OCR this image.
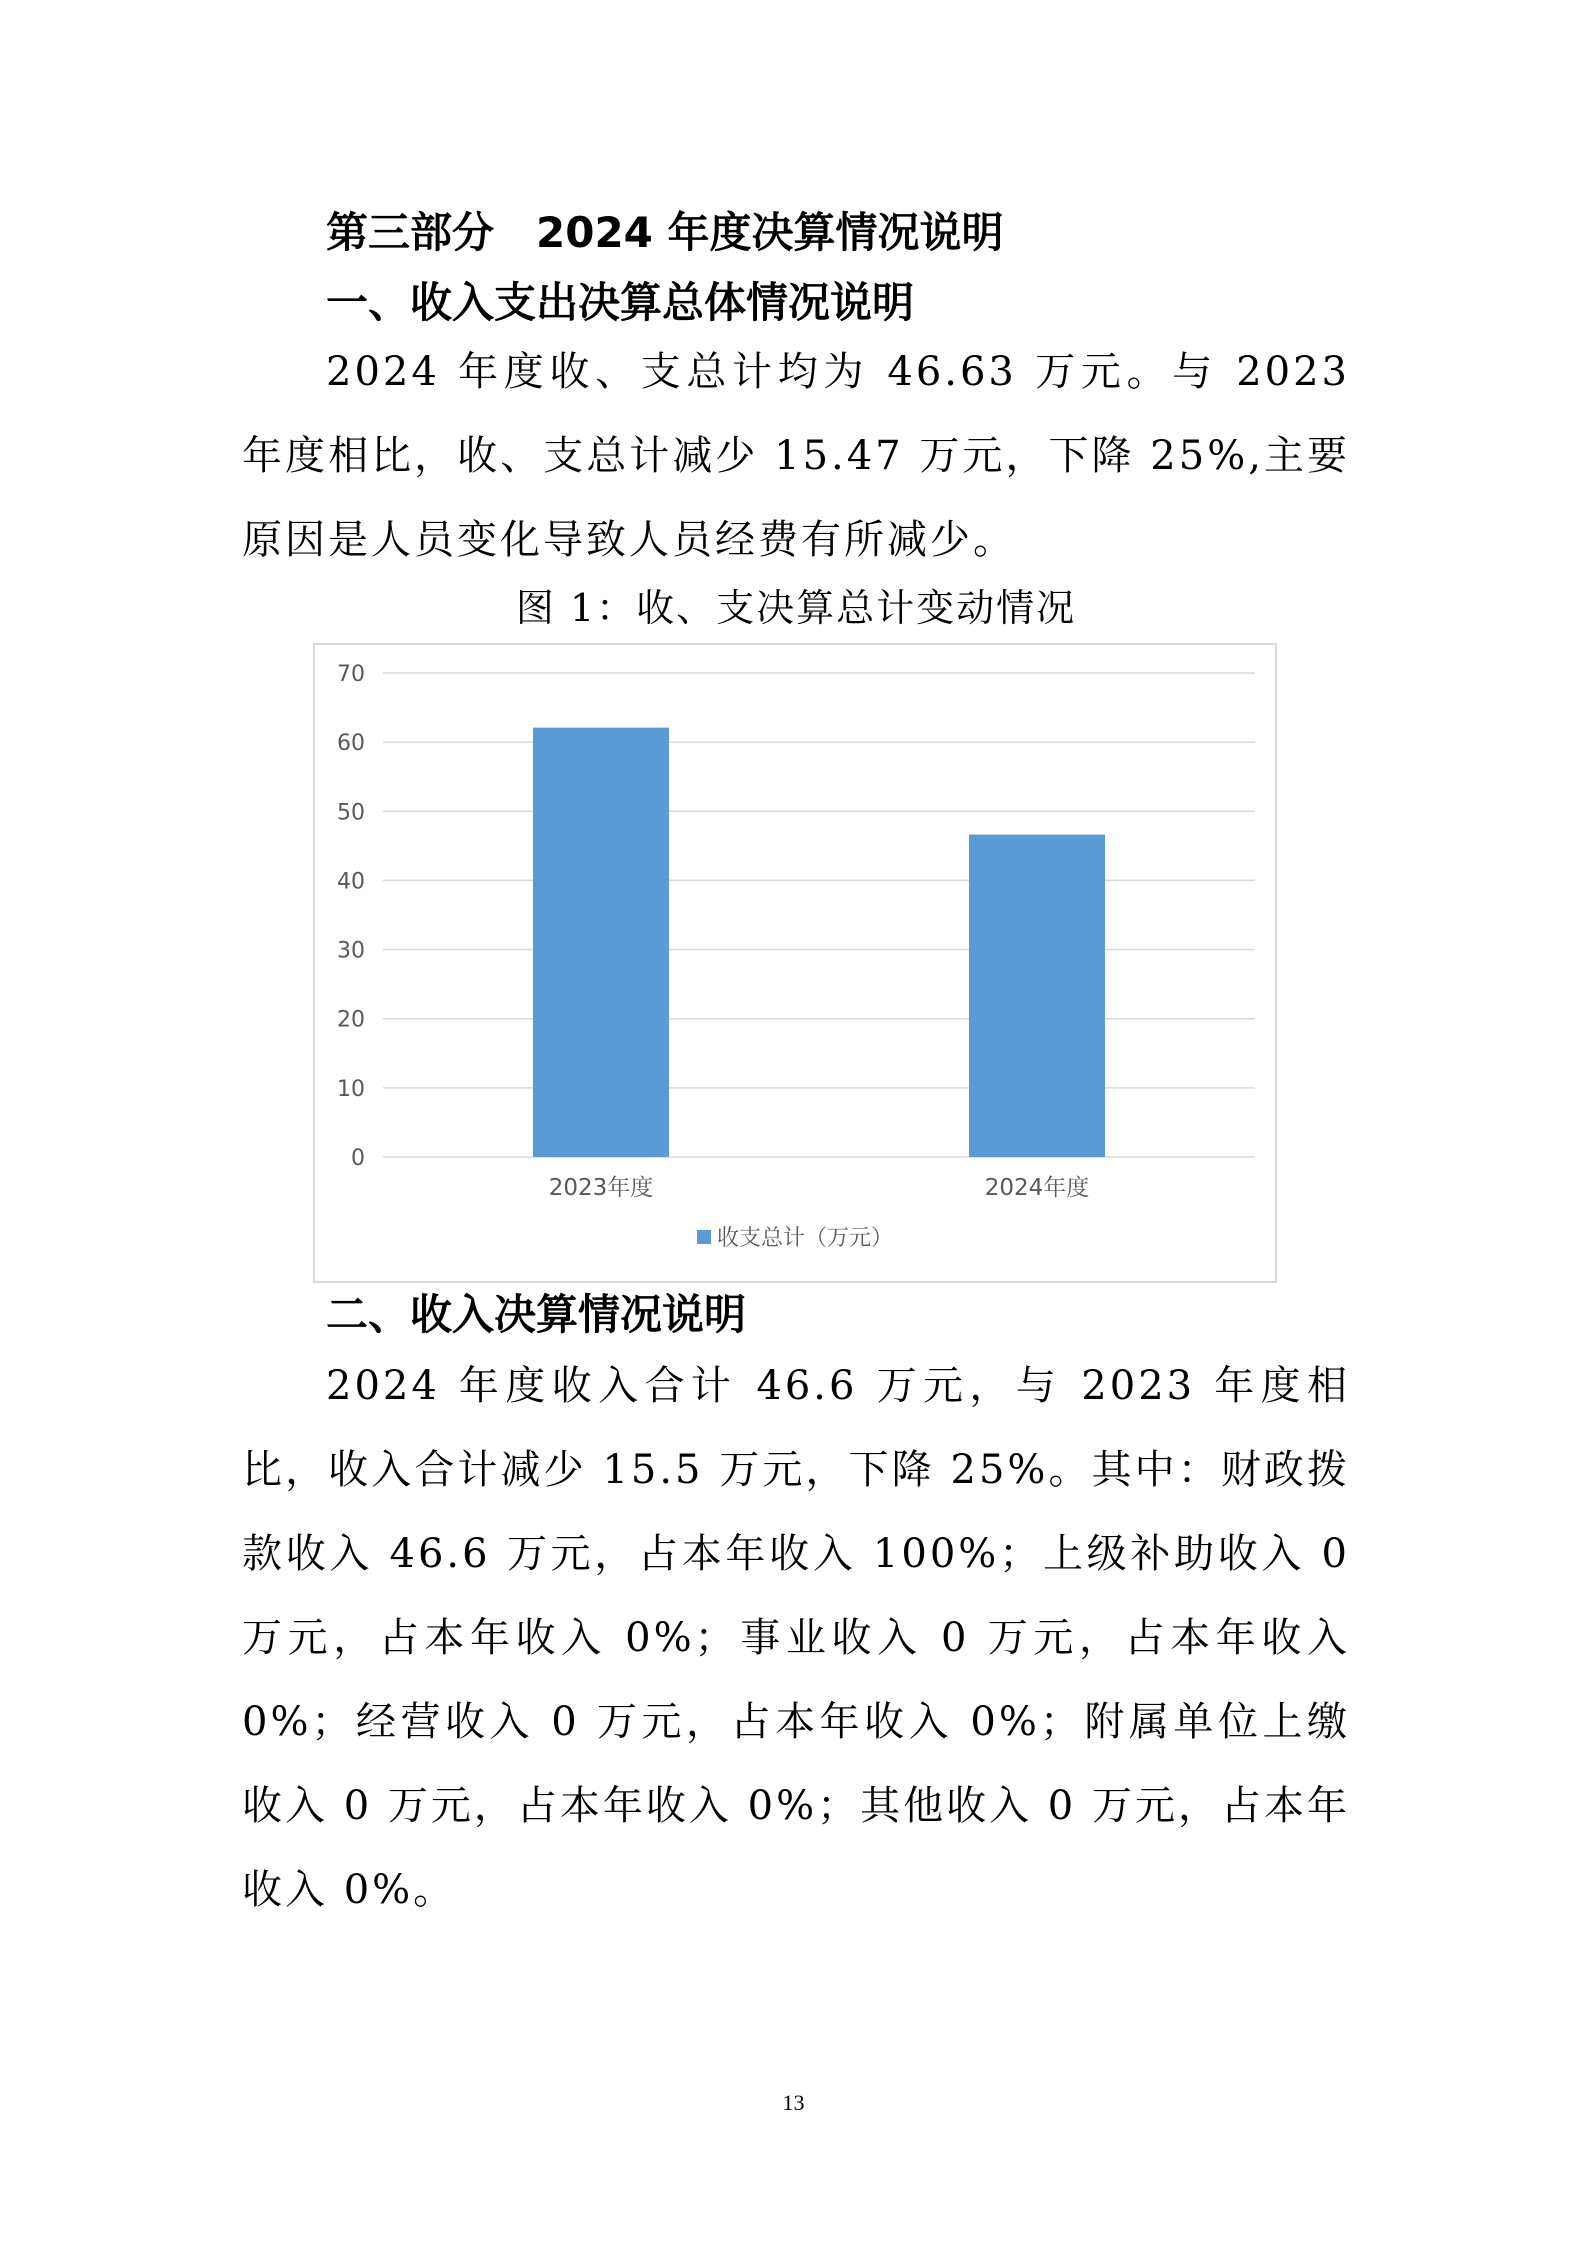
第三部分　2024 年度决算情况说明
一、收入支出决算总体情况说明

2024 年度收、支总计均为 46.63 万元。与 2023 年度相比，收、支总计减少 15.47 万元，下降 25%,主要原因是人员变化导致人员经费有所减少。

图 1：收、支决算总计变动情况

0
10
20
30
40
50
60
70
2023年度	2024年度
收支总计（万元）
二、收入决算情况说明

2024 年度收入合计 46.6 万元，与 2023 年度相比，收入合计减少 15.5 万元，下降 25%。其中：财政拨款收入 46.6 万元，占本年收入 100%；上级补助收入 0 万元，占本年收入 0%；事业收入 0 万元，占本年收入 0%；经营收入 0 万元，占本年收入 0%；附属单位上缴收入 0 万元，占本年收入 0%；其他收入 0 万元，占本年收入 0%。

13
